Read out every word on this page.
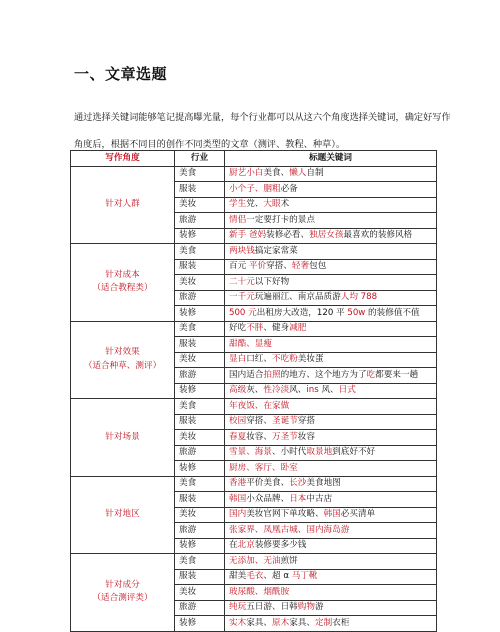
一、文章选题
通过选择关键词能够笔记提高曝光量，每个行业都可以从这六个角度选择关键词，确定好写作角度后，根据不同目的创作不同类型的文章（测评、教程、种草）。
写作角度	行业	标题关键词

针对人群	美食	厨艺小白美食、懒人自制
	服装	小个子、胭粗必备
	美妆	学生党、大眼术
	旅游	情侣一定要打卡的景点
	装修	新手 爸妈装修必看、独居女孩最喜欢的装修风格

针对成本
（适合教程类）	美食	两块钱搞定家常菜
	服装	百元 平价穿搭、轻奢包包
	美妆	二十元以下好物
	旅游	一千元玩遍丽江、南京品质游人均 788
	装修	500 元出租房大改造，120 平 50w 的装修值不值

针对效果
（适合种草、测评）	美食	好吃不胖、健身减肥
	服装	甜酷、显瘦
	美妆	显白口红、不吃粉美妆蛋
	旅游	国内适合拍照的地方、这个地方为了吃都要来一趟
	装修	高级灰、性冷淡风、ins 风、日式

针对场景	美食	年夜饭、在家做
	服装	校园穿搭、圣诞节穿搭
	美妆	春夏妆容、万圣节妆容
	旅游	雪景、海景、小时代取景地到底好不好
	装修	厨房、客厅、卧室

针对地区	美食	香港平价美食、长沙美食地图
	服装	韩国小众品牌、日本中古店
	美妆	国内美妆官网下单攻略、韩国必买清单
	旅游	张家界、凤凰古城、国内海岛游
	装修	在北京装修要多少钱

针对成分
（适合测评类）	美食	无添加、无油煎饼
	服装	甜美毛衣、超 α 马丁靴
	美妆	玻尿酸、烟酰胺
	旅游	纯玩五日游、日韩购物游
	装修	实木家具、原木家具、定制衣柜
